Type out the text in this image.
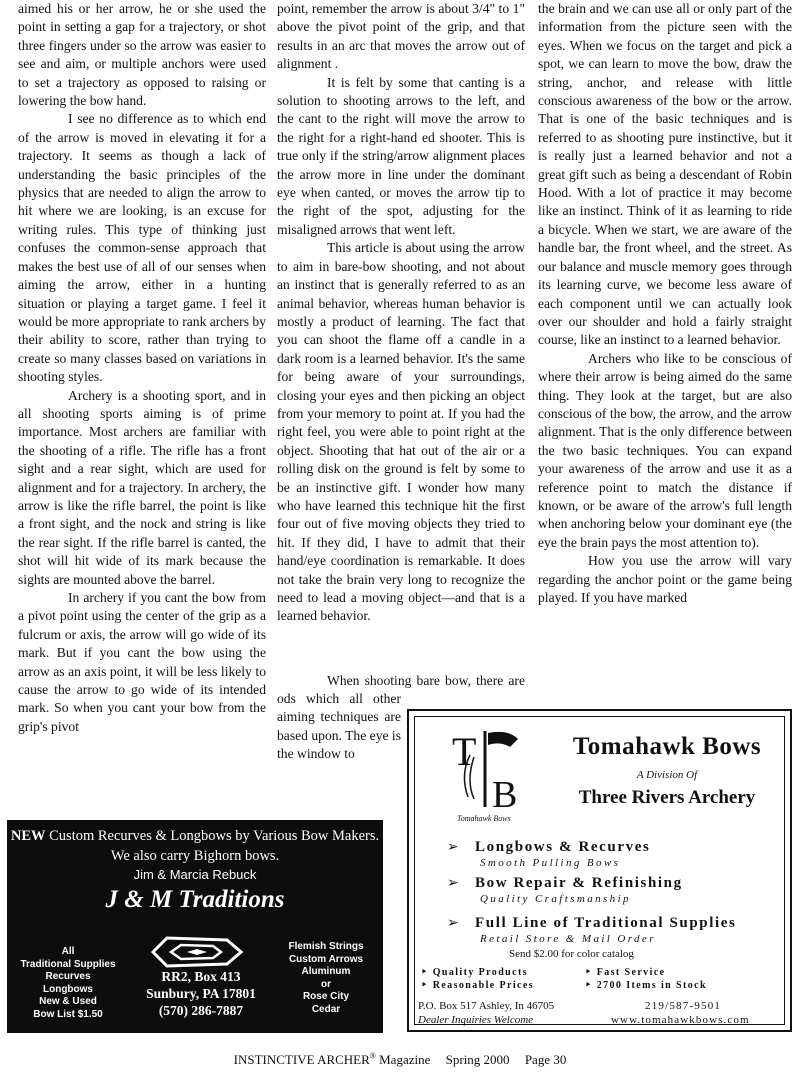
aimed his or her arrow, he or she used the point in setting a gap for a trajectory, or shot three fingers under so the arrow was easier to see and aim, or multiple anchors were used to set a trajectory as opposed to raising or lowering the bow hand.

I see no difference as to which end of the arrow is moved in elevating it for a trajectory. It seems as though a lack of understanding the basic principles of the physics that are needed to align the arrow to hit where we are looking, is an excuse for writing rules. This type of thinking just confuses the common-sense approach that makes the best use of all of our senses when aiming the arrow, either in a hunting situation or playing a target game. I feel it would be more appropriate to rank archers by their ability to score, rather than trying to create so many classes based on variations in shooting styles.

Archery is a shooting sport, and in all shooting sports aiming is of prime importance. Most archers are familiar with the shooting of a rifle. The rifle has a front sight and a rear sight, which are used for alignment and for a trajectory. In archery, the arrow is like the rifle barrel, the point is like a front sight, and the nock and string is like the rear sight. If the rifle barrel is canted, the shot will hit wide of its mark because the sights are mounted above the barrel.

In archery if you cant the bow from a pivot point using the center of the grip as a fulcrum or axis, the arrow will go wide of its mark. But if you cant the bow using the arrow as an axis point, it will be less likely to cause the arrow to go wide of its intended mark. So when you cant your bow from the grip's pivot

point, remember the arrow is about 3/4" to 1" above the pivot point of the grip, and that results in an arc that moves the arrow out of alignment .

It is felt by some that canting is a solution to shooting arrows to the left, and the cant to the right will move the arrow to the right for a right-hand ed shooter. This is true only if the string/arrow alignment places the arrow more in line under the dominant eye when canted, or moves the arrow tip to the right of the spot, adjusting for the misaligned arrows that went left.

This article is about using the arrow to aim in bare-bow shooting, and not about an instinct that is generally referred to as an animal behavior, whereas human behavior is mostly a product of learning. The fact that you can shoot the flame off a candle in a dark room is a learned behavior. It's the same for being aware of your surroundings, closing your eyes and then picking an object from your memory to point at. If you had the right feel, you were able to point right at the object. Shooting that hat out of the air or a rolling disk on the ground is felt by some to be an instinctive gift. I wonder how many who have learned this technique hit the first four out of five moving objects they tried to hit. If they did, I have to admit that their hand/eye coordination is remarkable. It does not take the brain very long to recognize the need to lead a moving object—and that is a learned behavior.

When shooting bare bow, there are
ods which all other aiming techniques are based upon. The eye is the window to

the brain and we can use all or only part of the information from the picture seen with the eyes. When we focus on the target and pick a spot, we can learn to move the bow, draw the string, anchor, and release with little conscious awareness of the bow or the arrow. That is one of the basic techniques and is referred to as shooting pure instinctive, but it is really just a learned behavior and not a great gift such as being a descendant of Robin Hood. With a lot of practice it may become like an instinct. Think of it as learning to ride a bicycle. When we start, we are aware of the handle bar, the front wheel, and the street. As our balance and muscle memory goes through its learning curve, we become less aware of each component until we can actually look over our shoulder and hold a fairly straight course, like an instinct to a learned behavior.

Archers who like to be conscious of where their arrow is being aimed do the same thing. They look at the target, but are also conscious of the bow, the arrow, and the arrow alignment. That is the only difference between the two basic techniques. You can expand your awareness of the arrow and use it as a reference point to match the distance if known, or be aware of the arrow's full length when anchoring below your dominant eye (the eye the brain pays the most attention to).

How you use the arrow will vary regarding the anchor point or the game being played. If you have marked

NEW Custom Recurves & Longbows by Various Bow Makers.
We also carry Bighorn bows.
Jim & Marcia Rebuck
J & M Traditions
All
Traditional Supplies
Recurves
Longbows
New & Used
Bow List $1.50
RR2, Box 413
Sunbury, PA 17801
(570) 286-7887
Flemish Strings
Custom Arrows
Aluminum
or
Rose City
Cedar
T
B
Tomahawk Bows
Tomahawk Bows
A Division Of
Three Rivers Archery
➢ Longbows & Recurves
Smooth Pulling Bows
➢ Bow Repair & Refinishing
Quality Craftsmanship
➢ Full Line of Traditional Supplies
Retail Store & Mail Order
Send $2.00 for color catalog
‣ Quality Products	‣ Fast Service
‣ Reasonable Prices	‣ 2700 Items in Stock
P.O. Box 517 Ashley, In 46705
Dealer Inquiries Welcome
219/587-9501
www.tomahawkbows.com
INSTINCTIVE ARCHER® Magazine Spring 2000 Page 30
